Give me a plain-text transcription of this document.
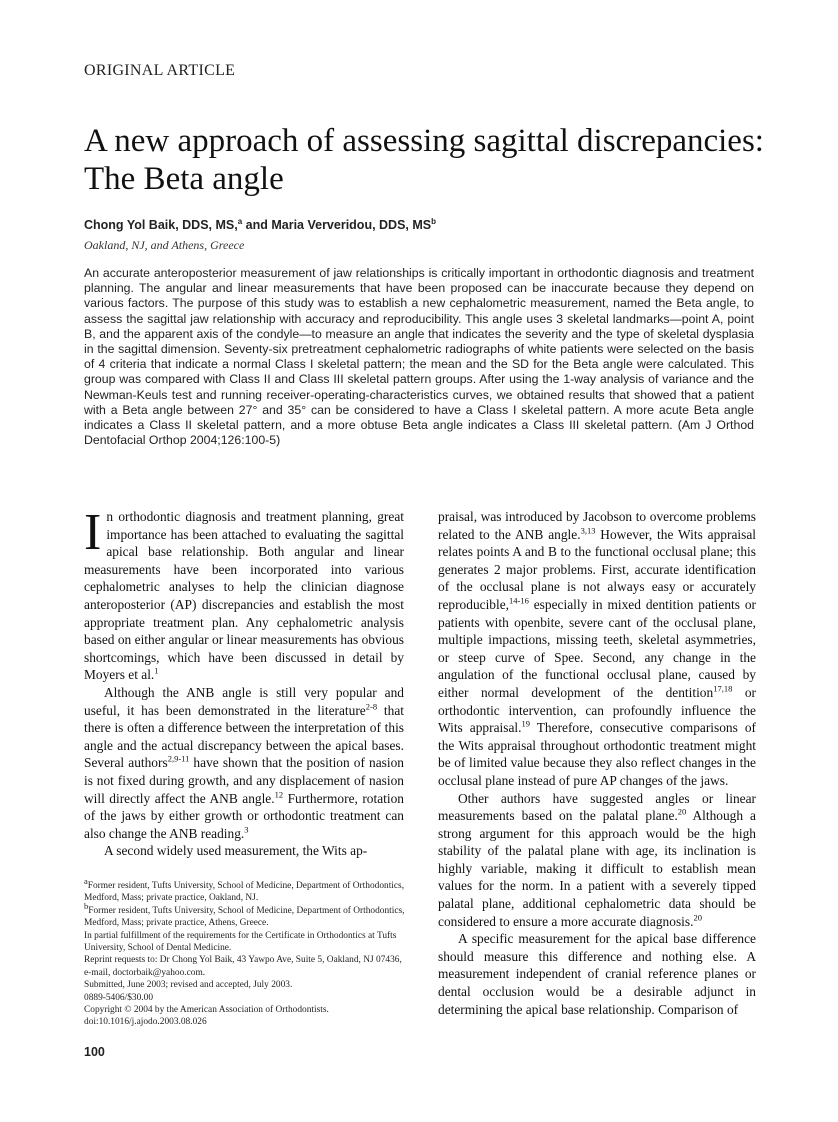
ORIGINAL ARTICLE
A new approach of assessing sagittal discrepancies: The Beta angle
Chong Yol Baik, DDS, MS,$^a$ and Maria Ververidou, DDS, $MS^b$
Oakland, NJ, and Athens, Greece

An accurate anteroposterior measurement of jaw relationships is critically important in orthodontic diagnosis and treatment planning. The angular and linear measurements that have been proposed can be inaccurate because they depend on various factors. The purpose of this study was to establish a new cephalometric measurement, named the Beta angle, to assess the sagittal jaw relationship with accuracy and reproducibility. This angle uses 3 skeletal landmarks—point A, point B, and the apparent axis of the condyle—to measure an angle that indicates the severity and the type of skeletal dysplasia in the sagittal dimension. Seventy-six pretreatment cephalometric radiographs of white patients were selected on the basis of 4 criteria that indicate a normal Class I skeletal pattern; the mean and the SD for the Beta angle were calculated. This group was compared with Class II and Class III skeletal pattern groups. After using the 1-way analysis of variance and the Newman-Keuls test and running receiver-operating-characteristics curves, we obtained results that showed that a patient with a Beta angle between 27° and 35° can be considered to have a Class I skeletal pattern. A more acute Beta angle indicates a Class II skeletal pattern, and a more obtuse Beta angle indicates a Class III skeletal pattern. (Am J Orthod Dentofacial Orthop 2004;126:100-5)

In orthodontic diagnosis and treatment planning, great importance has been attached to evaluating the sagittal apical base relationship. Both angular and linear measurements have been incorporated into various cephalometric analyses to help the clinician diagnose anteroposterior (AP) discrepancies and establish the most appropriate treatment plan. Any cephalometric analysis based on either angular or linear measurements has obvious shortcomings, which have been discussed in detail by Moyers et al.$^1$

Although the ANB angle is still very popular and useful, it has been demonstrated in the literature$^{2-8}$ that there is often a difference between the interpretation of this angle and the actual discrepancy between the apical bases. Several authors$^{2,9-11}$ have shown that the position of nasion is not fixed during growth, and any displacement of nasion will directly affect the ANB angle.$^{12}$ Furthermore, rotation of the jaws by either growth or orthodontic treatment can also change the ANB reading.$^3$

A second widely used measurement, the Wits ap-

praisal, was introduced by Jacobson to overcome problems related to the ANB angle.$^{3,13}$ However, the Wits appraisal relates points A and B to the functional occlusal plane; this generates 2 major problems. First, accurate identification of the occlusal plane is not always easy or accurately reproducible,$^{14-16}$ especially in mixed dentition patients or patients with openbite, severe cant of the occlusal plane, multiple impactions, missing teeth, skeletal asymmetries, or steep curve of Spee. Second, any change in the angulation of the functional occlusal plane, caused by either normal development of the dentition$^{17,18}$ or orthodontic intervention, can profoundly influence the Wits appraisal.$^{19}$ Therefore, consecutive comparisons of the Wits appraisal throughout orthodontic treatment might be of limited value because they also reflect changes in the occlusal plane instead of pure AP changes of the jaws.

Other authors have suggested angles or linear measurements based on the palatal plane.$^{20}$ Although a strong argument for this approach would be the high stability of the palatal plane with age, its inclination is highly variable, making it difficult to establish mean values for the norm. In a patient with a severely tipped palatal plane, additional cephalometric data should be considered to ensure a more accurate diagnosis.$^{20}$

A specific measurement for the apical base difference should measure this difference and nothing else. A measurement independent of cranial reference planes or dental occlusion would be a desirable adjunct in determining the apical base relationship. Comparison of

$^a$Former resident, Tufts University, School of Medicine, Department of Orthodontics, Medford, Mass; private practice, Oakland, NJ.
$^b$Former resident, Tufts University, School of Medicine, Department of Orthodontics, Medford, Mass; private practice, Athens, Greece.
In partial fulfillment of the requirements for the Certificate in Orthodontics at Tufts University, School of Dental Medicine.
Reprint requests to: Dr Chong Yol Baik, 43 Yawpo Ave, Suite 5, Oakland, NJ 07436, e-mail, doctorbaik@yahoo.com.
Submitted, June 2003; revised and accepted, July 2003.
0889-5406/$30.00
Copyright © 2004 by the American Association of Orthodontists.
doi:10.1016/j.ajodo.2003.08.026
100
